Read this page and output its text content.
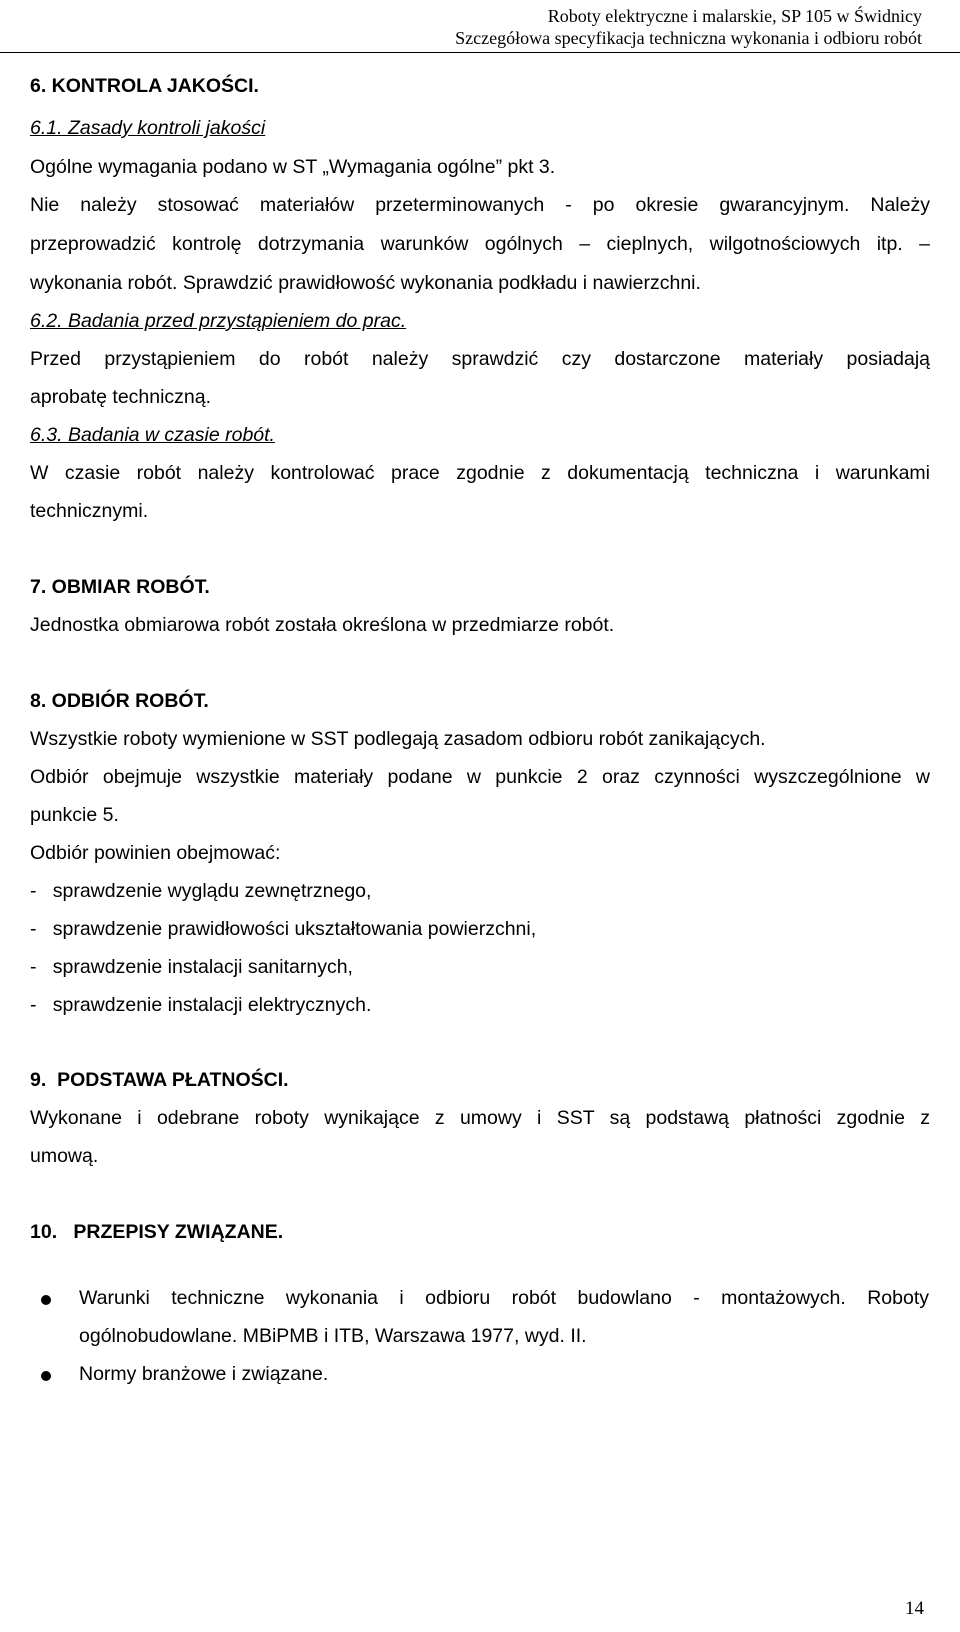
Roboty elektryczne i malarskie, SP 105 w Świdnicy
Szczegółowa specyfikacja techniczna wykonania i odbioru robót
6. KONTROLA JAKOŚCI.
6.1. Zasady kontroli jakości
Ogólne wymagania podano w ST „Wymagania ogólne” pkt 3.
Nie należy stosować materiałów przeterminowanych - po okresie gwarancyjnym. Należy
przeprowadzić kontrolę dotrzymania warunków ogólnych – cieplnych, wilgotnościowych itp. –
wykonania robót. Sprawdzić prawidłowość wykonania podkładu i nawierzchni.
6.2. Badania przed przystąpieniem do prac.
Przed przystąpieniem do robót należy sprawdzić czy dostarczone materiały posiadają
aprobatę techniczną.
6.3. Badania w czasie robót.
W czasie robót należy kontrolować prace zgodnie z dokumentacją techniczna i warunkami
technicznymi.
7. OBMIAR ROBÓT.
Jednostka obmiarowa robót została określona w przedmiarze robót.
8. ODBIÓR ROBÓT.
Wszystkie roboty wymienione w SST podlegają zasadom odbioru robót zanikających.
Odbiór obejmuje wszystkie materiały podane w punkcie 2 oraz czynności wyszczególnione w
punkcie 5.
Odbiór powinien obejmować:
-   sprawdzenie wyglądu zewnętrznego,
-   sprawdzenie prawidłowości ukształtowania powierzchni,
-   sprawdzenie instalacji sanitarnych,
-   sprawdzenie instalacji elektrycznych.
9.  PODSTAWA PŁATNOŚCI.
Wykonane i odebrane roboty wynikające z umowy i SST są podstawą płatności zgodnie z
umową.
10.   PRZEPISY ZWIĄZANE.
Warunki techniczne wykonania i odbioru robót budowlano - montażowych. Roboty
ogólnobudowlane. MBiPMB i ITB, Warszawa 1977, wyd. II.
Normy branżowe i związane.
14
